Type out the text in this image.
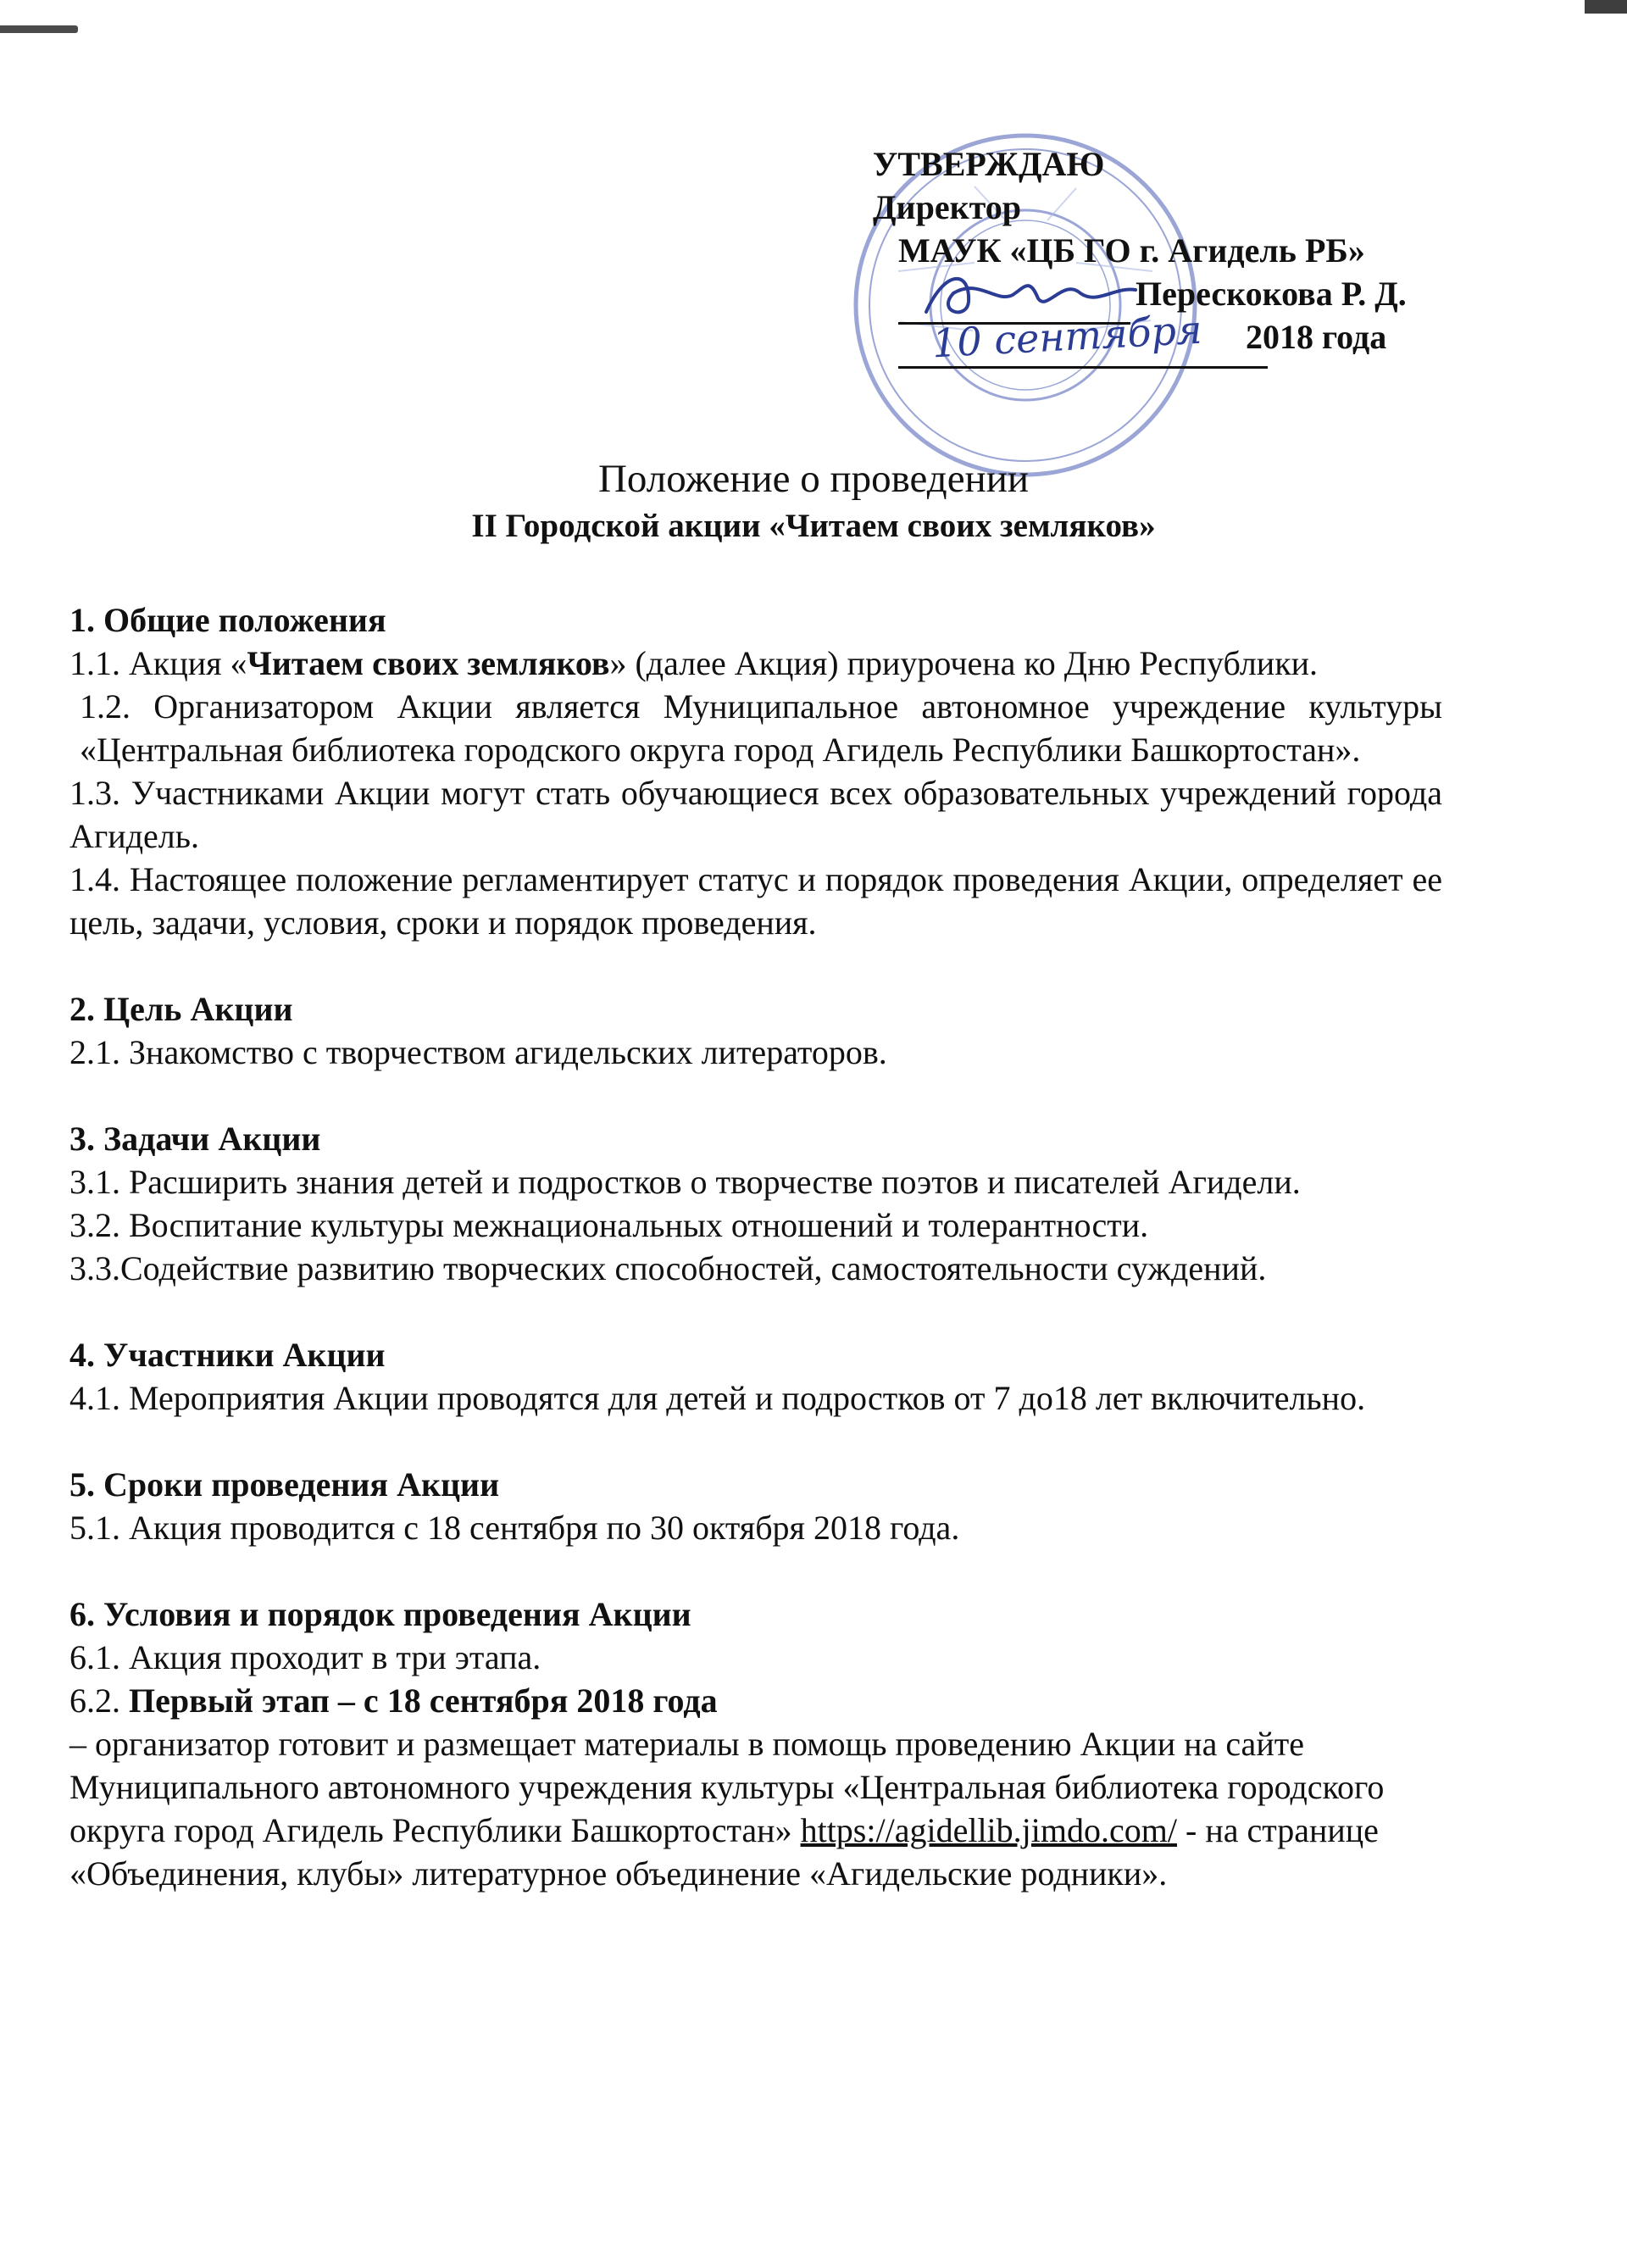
УТВЕРЖДАЮ
Директор
МАУК «ЦБ ГО г. Агидель РБ»
Перескокова Р. Д.
2018 года
10 сентября
Положение о проведении
II Городской акции «Читаем своих земляков»

1. Общие положения

1.1. Акция «Читаем своих земляков» (далее Акция) приурочена ко Дню Республики.

1.2. Организатором Акции является Муниципальное автономное учреждение культуры «Центральная библиотека городского округа город Агидель Республики Башкортостан».

1.3. Участниками Акции могут стать обучающиеся всех образовательных учреждений города Агидель.

1.4. Настоящее положение регламентирует статус и порядок проведения Акции, определяет ее цель, задачи, условия, сроки и порядок проведения.

2. Цель Акции

2.1. Знакомство с творчеством агидельских литераторов.

3. Задачи Акции

3.1. Расширить знания детей и подростков о творчестве поэтов и писателей Агидели.

3.2. Воспитание культуры межнациональных отношений и толерантности.

3.3.Содействие развитию творческих способностей, самостоятельности суждений.

4. Участники Акции

4.1. Мероприятия Акции проводятся для детей и подростков от 7 до18 лет включительно.

5. Сроки проведения Акции

5.1. Акция проводится с 18 сентября по 30 октября 2018 года.

6. Условия и порядок проведения Акции

6.1. Акция проходит в три этапа.

6.2. Первый этап – с 18 сентября 2018 года

– организатор готовит и размещает материалы в помощь проведению Акции на сайте Муниципального автономного учреждения культуры «Центральная библиотека городского округа город Агидель Республики Башкортостан» https://agidellib.jimdo.com/ - на странице «Объединения, клубы» литературное объединение «Агидельские родники».
